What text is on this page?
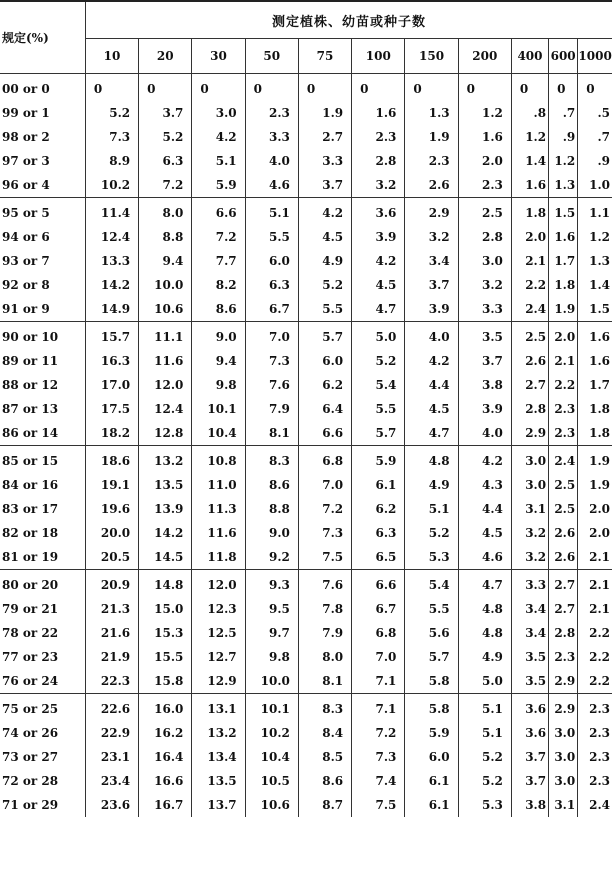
规定(%)	测定植株、幼苗或种子数										
	10	20	30	50	75	100	150	200	400	600	1000
00 or 0	0	0	0	0	0	0	0	0	0	0	0
99 or 1	5.2	3.7	3.0	2.3	1.9	1.6	1.3	1.2	.8	.7	.5
98 or 2	7.3	5.2	4.2	3.3	2.7	2.3	1.9	1.6	1.2	.9	.7
97 or 3	8.9	6.3	5.1	4.0	3.3	2.8	2.3	2.0	1.4	1.2	.9
96 or 4	10.2	7.2	5.9	4.6	3.7	3.2	2.6	2.3	1.6	1.3	1.0
95 or 5	11.4	8.0	6.6	5.1	4.2	3.6	2.9	2.5	1.8	1.5	1.1
94 or 6	12.4	8.8	7.2	5.5	4.5	3.9	3.2	2.8	2.0	1.6	1.2
93 or 7	13.3	9.4	7.7	6.0	4.9	4.2	3.4	3.0	2.1	1.7	1.3
92 or 8	14.2	10.0	8.2	6.3	5.2	4.5	3.7	3.2	2.2	1.8	1.4
91 or 9	14.9	10.6	8.6	6.7	5.5	4.7	3.9	3.3	2.4	1.9	1.5
90 or 10	15.7	11.1	9.0	7.0	5.7	5.0	4.0	3.5	2.5	2.0	1.6
89 or 11	16.3	11.6	9.4	7.3	6.0	5.2	4.2	3.7	2.6	2.1	1.6
88 or 12	17.0	12.0	9.8	7.6	6.2	5.4	4.4	3.8	2.7	2.2	1.7
87 or 13	17.5	12.4	10.1	7.9	6.4	5.5	4.5	3.9	2.8	2.3	1.8
86 or 14	18.2	12.8	10.4	8.1	6.6	5.7	4.7	4.0	2.9	2.3	1.8
85 or 15	18.6	13.2	10.8	8.3	6.8	5.9	4.8	4.2	3.0	2.4	1.9
84 or 16	19.1	13.5	11.0	8.6	7.0	6.1	4.9	4.3	3.0	2.5	1.9
83 or 17	19.6	13.9	11.3	8.8	7.2	6.2	5.1	4.4	3.1	2.5	2.0
82 or 18	20.0	14.2	11.6	9.0	7.3	6.3	5.2	4.5	3.2	2.6	2.0
81 or 19	20.5	14.5	11.8	9.2	7.5	6.5	5.3	4.6	3.2	2.6	2.1
80 or 20	20.9	14.8	12.0	9.3	7.6	6.6	5.4	4.7	3.3	2.7	2.1
79 or 21	21.3	15.0	12.3	9.5	7.8	6.7	5.5	4.8	3.4	2.7	2.1
78 or 22	21.6	15.3	12.5	9.7	7.9	6.8	5.6	4.8	3.4	2.8	2.2
77 or 23	21.9	15.5	12.7	9.8	8.0	7.0	5.7	4.9	3.5	2.3	2.2
76 or 24	22.3	15.8	12.9	10.0	8.1	7.1	5.8	5.0	3.5	2.9	2.2
75 or 25	22.6	16.0	13.1	10.1	8.3	7.1	5.8	5.1	3.6	2.9	2.3
74 or 26	22.9	16.2	13.2	10.2	8.4	7.2	5.9	5.1	3.6	3.0	2.3
73 or 27	23.1	16.4	13.4	10.4	8.5	7.3	6.0	5.2	3.7	3.0	2.3
72 or 28	23.4	16.6	13.5	10.5	8.6	7.4	6.1	5.2	3.7	3.0	2.3
71 or 29	23.6	16.7	13.7	10.6	8.7	7.5	6.1	5.3	3.8	3.1	2.4
